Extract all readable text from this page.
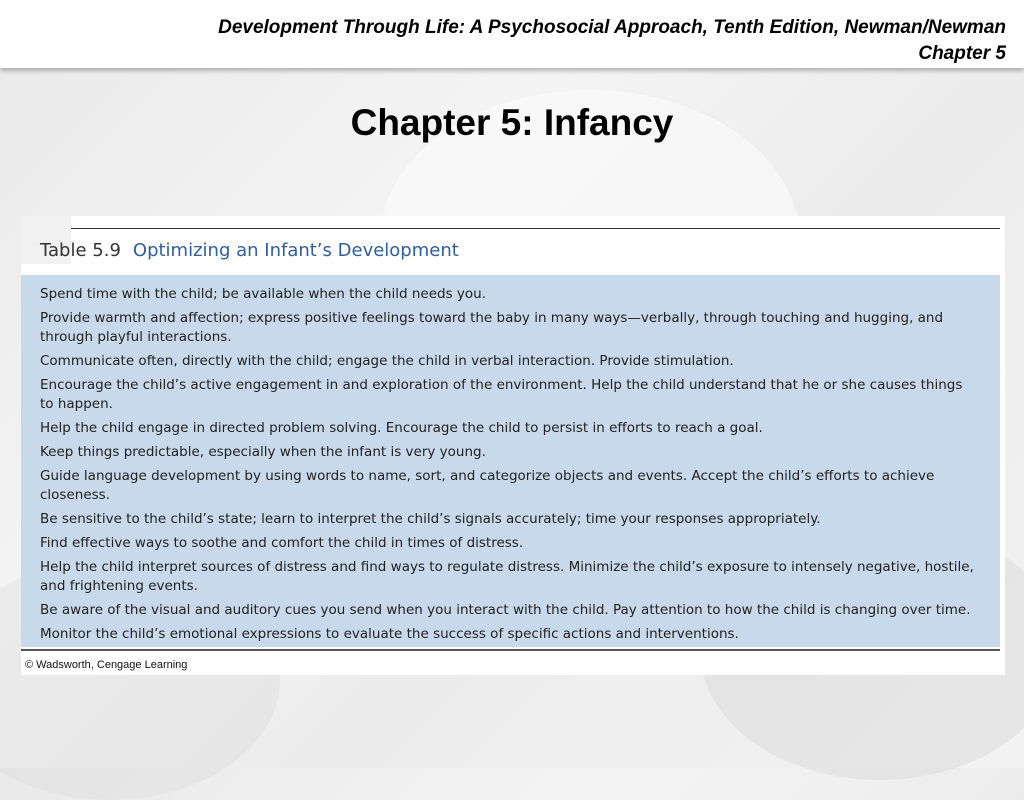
Development Through Life: A Psychosocial Approach, Tenth Edition, Newman/Newman
Chapter 5
Chapter 5: Infancy
Table 5.9 Optimizing an Infant’s Development
Spend time with the child; be available when the child needs you.
Provide warmth and affection; express positive feelings toward the baby in many ways—verbally, through touching and hugging, and through playful interactions.
Communicate often, directly with the child; engage the child in verbal interaction. Provide stimulation.
Encourage the child’s active engagement in and exploration of the environment. Help the child understand that he or she causes things to happen.
Help the child engage in directed problem solving. Encourage the child to persist in efforts to reach a goal.
Keep things predictable, especially when the infant is very young.
Guide language development by using words to name, sort, and categorize objects and events. Accept the child’s efforts to achieve closeness.
Be sensitive to the child’s state; learn to interpret the child’s signals accurately; time your responses appropriately.
Find effective ways to soothe and comfort the child in times of distress.
Help the child interpret sources of distress and find ways to regulate distress. Minimize the child’s exposure to intensely negative, hostile, and frightening events.
Be aware of the visual and auditory cues you send when you interact with the child. Pay attention to how the child is changing over time.
Monitor the child’s emotional expressions to evaluate the success of specific actions and interventions.
© Wadsworth, Cengage Learning
